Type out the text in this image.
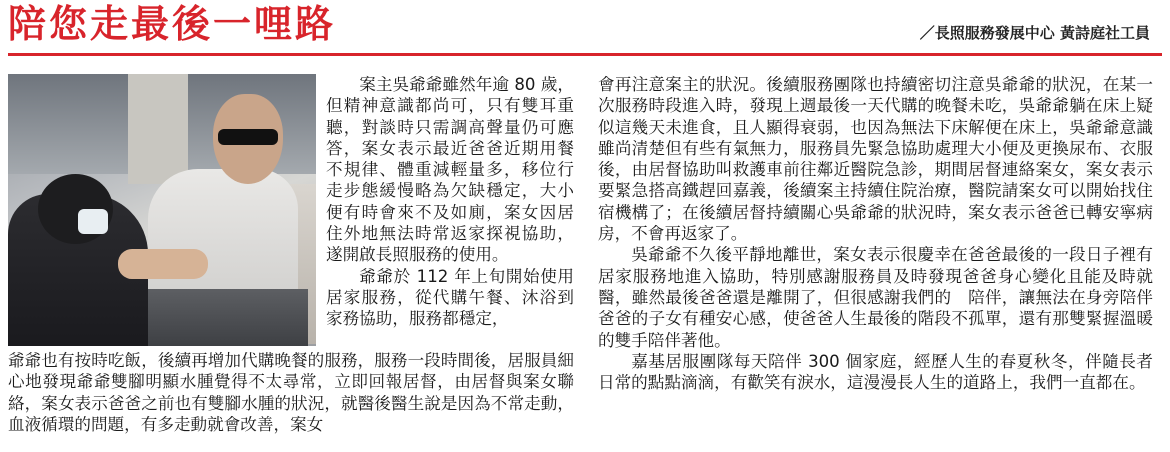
陪您走最後一哩路	／長照服務發展中心 黃詩庭社工員

案主吳爺爺雖然年逾 80 歲，但精神意識都尚可，只有雙耳重聽，對談時只需調高聲量仍可應答，案女表示最近爸爸近期用餐不規律、體重減輕量多，移位行走步態緩慢略為欠缺穩定，大小便有時會來不及如廁，案女因居住外地無法時常返家探視協助，遂開啟長照服務的使用。

爺爺於 112 年上旬開始使用居家服務，從代購午餐、沐浴到家務協助，服務都穩定，

爺爺也有按時吃飯，後續再增加代購晚餐的服務，服務一段時間後，居服員細心地發現爺爺雙腳明顯水腫覺得不太尋常，立即回報居督，由居督與案女聯絡，案女表示爸爸之前也有雙腳水腫的狀況，就醫後醫生說是因為不常走動，血液循環的問題，有多走動就會改善，案女

會再注意案主的狀況。後續服務團隊也持續密切注意吳爺爺的狀況，在某一次服務時段進入時，發現上週最後一天代購的晚餐未吃，吳爺爺躺在床上疑似這幾天未進食，且人顯得衰弱，也因為無法下床解便在床上，吳爺爺意識雖尚清楚但有些有氣無力，服務員先緊急協助處理大小便及更換尿布、衣服後，由居督協助叫救護車前往鄰近醫院急診，期間居督連絡案女，案女表示要緊急搭高鐵趕回嘉義，後續案主持續住院治療，醫院請案女可以開始找住宿機構了；在後續居督持續關心吳爺爺的狀況時，案女表示爸爸已轉安寧病房，不會再返家了。

吳爺爺不久後平靜地離世，案女表示很慶幸在爸爸最後的一段日子裡有居家服務地進入協助，特別感謝服務員及時發現爸爸身心變化且能及時就醫，雖然最後爸爸還是離開了，但很感謝我們的　陪伴，讓無法在身旁陪伴爸爸的子女有種安心感，使爸爸人生最後的階段不孤單，還有那雙緊握溫暖的雙手陪伴著他。

嘉基居服團隊每天陪伴 300 個家庭，經歷人生的春夏秋冬，伴隨長者日常的點點滴滴，有歡笑有淚水，這漫漫長人生的道路上，我們一直都在。
